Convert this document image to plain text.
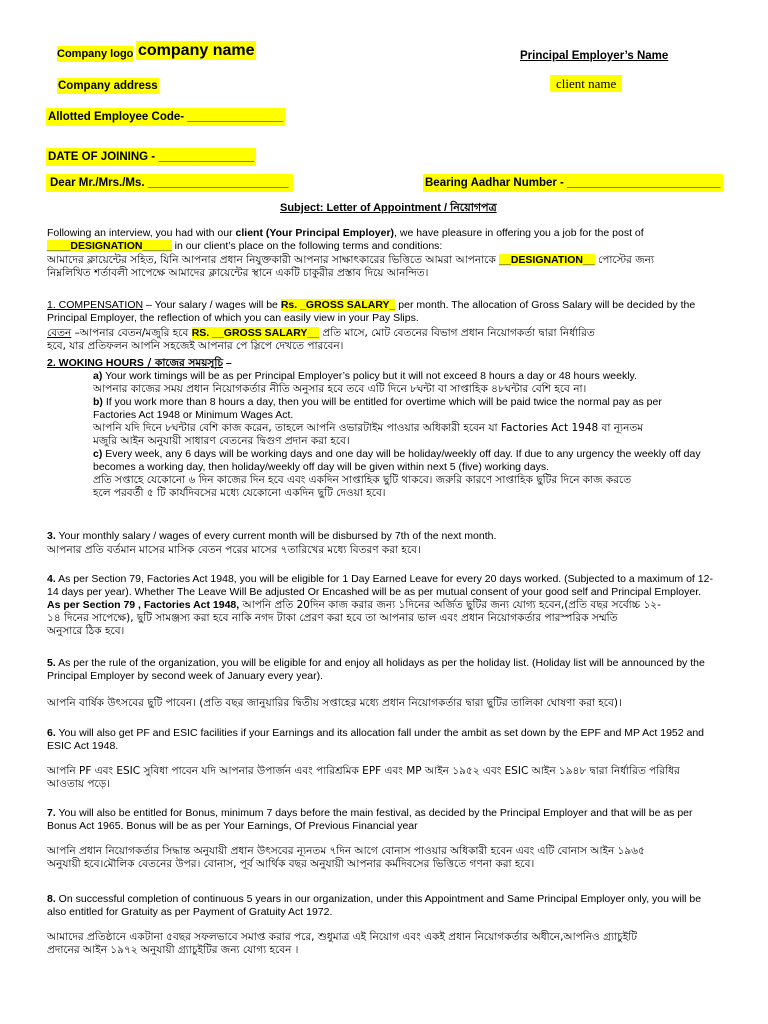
Company logo company name
Company address
Principal Employer’s Name
client name
Allotted Employee Code- _______________
DATE OF JOINING - _______________
Dear Mr./Mrs./Ms. ______________________	Bearing Aadhar Number - ________________________
Subject: Letter of Appointment / নিয়োগপত্র

Following an interview, you had with our client (Your Principal Employer), we have pleasure in offering you a job for the post of

____DESIGNATION_____ in our client’s place on the following terms and conditions:

আমাদের ক্লায়েন্টের সহিত, যিনি আপনার প্রধান নিযুক্তকারী আপনার সাক্ষাৎকারের ভিত্তিতে আমরা আপনাকে __DESIGNATION__ পোস্টের জন্য

নিম্নলিখিত শর্তাবলী সাপেক্ষে আমাদের ক্লায়েন্টের স্থানে একটি চাকুরীর প্রস্তাব দিয়ে আনন্দিত।

1. COMPENSATION – Your salary / wages will be Rs. _GROSS SALARY_ per month. The allocation of Gross Salary will be decided by the

Principal Employer, the reflection of which you can easily view in your Pay Slips.

বেতন –আপনার বেতন/মজুরি হবে RS. __GROSS SALARY__ প্রতি মাসে, মোট বেতনের বিভাগ প্রধান নিয়োগকর্তা দ্বারা নির্ধারিত

হবে, যার প্রতিফলন আপনি সহজেই আপনার পে স্লিপে দেখতে পারবেন।

2. WOKING HOURS / কাজের সময়সূচি –

a) Your work timings will be as per Principal Employer’s policy but it will not exceed 8 hours a day or 48 hours weekly.

আপনার কাজের সময় প্রধান নিয়োগকর্তার নীতি অনুসার হবে তবে এটি দিনে ৮ঘন্টা বা সাপ্তাহিক ৪৮ঘন্টার বেশি হবে না।

b) If you work more than 8 hours a day, then you will be entitled for overtime which will be paid twice the normal pay as per

Factories Act 1948 or Minimum Wages Act.

আপনি যদি দিনে ৮ঘন্টার বেশি কাজ করেন, তাহলে আপনি ওভারটাইম পাওয়ার অধিকারী হবেন যা Factories Act 1948 বা ন্যূনতম

মজুরি আইন অনুযায়ী সাধারণ বেতনের দ্বিগুণ প্রদান করা হবে।

c) Every week, any 6 days will be working days and one day will be holiday/weekly off day. If due to any urgency the weekly off day

becomes a working day, then holiday/weekly off day will be given within next 5 (five) working days.

প্রতি সপ্তাহে যেকোনো ৬ দিন কাজের দিন হবে এবং একদিন সাপ্তাহিক ছুটি থাকবে। জরুরি কারণে সাপ্তাহিক ছুটির দিনে কাজ করতে

হলে পরবর্তী ৫ টি কার্যদিবসের মধ্যে যেকোনো একদিন ছুটি দেওয়া হবে।

3. Your monthly salary / wages of every current month will be disbursed by 7th of the next month.

আপনার প্রতি বর্তমান মাসের মাসিক বেতন পরের মাসের ৭তারিখের মধ্যে বিতরণ করা হবে।

4. As per Section 79, Factories Act 1948, you will be eligible for 1 Day Earned Leave for every 20 days worked. (Subjected to a maximum of 12-

14 days per year). Whether The Leave Will Be adjusted Or Encashed will be as per mutual consent of your good self and Principal Employer.

As per Section 79 , Factories Act 1948, আপনি প্রতি 20দিন কাজ করার জন্য ১দিনের অর্জিত ছুটির জন্য যোগ্য হবেন,(প্রতি বছর সর্বোচ্চ ১২-

১৪ দিনের সাপেক্ষে), ছুটি সামঞ্জস্য করা হবে নাকি নগদ টাকা প্রেরণ করা হবে তা আপনার ভাল এবং প্রধান নিয়োগকর্তার পারস্পরিক সম্মতি

অনুসারে ঠিক হবে।

5. As per the rule of the organization, you will be eligible for and enjoy all holidays as per the holiday list. (Holiday list will be announced by the

Principal Employer by second week of January every year).

আপনি বার্ষিক উৎসবের ছুটি পাবেন। (প্রতি বছর জানুয়ারির দ্বিতীয় সপ্তাহের মধ্যে প্রধান নিয়োগকর্তার দ্বারা ছুটির তালিকা ঘোষণা করা হবে)।

6. You will also get PF and ESIC facilities if your Earnings and its allocation fall under the ambit as set down by the EPF and MP Act 1952 and

ESIC Act 1948.

আপনি PF এবং ESIC সুবিধা পাবেন যদি আপনার উপার্জন এবং পারিশ্রমিক EPF এবং MP আইন ১৯৫২ এবং ESIC আইন ১৯৪৮ দ্বারা নির্ধারিত পরিধির

আওতায় পড়ে।

7. You will also be entitled for Bonus, minimum 7 days before the main festival, as decided by the Principal Employer and that will be as per

Bonus Act 1965. Bonus will be as per Your Earnings, Of Previous Financial year

আপনি প্রধান নিয়োগকর্তার সিদ্ধান্ত অনুযায়ী প্রধান উৎসবের ন্যূনতম ৭দিন আগে বোনাস পাওয়ার অধিকারী হবেন এবং এটি বোনাস আইন ১৯৬৫

অনুযায়ী হবে।মৌলিক বেতনের উপর। বোনাস, পূর্ব আর্থিক বছর অনুযায়ী আপনার কর্মদিবসের ভিত্তিতে গণনা করা হবে।

8. On successful completion of continuous 5 years in our organization, under this Appointment and Same Principal Employer only, you will be

also entitled for Gratuity as per Payment of Gratuity Act 1972.

আমাদের প্রতিষ্ঠানে একটানা ৫বছর সফলভাবে সমাপ্ত করার পরে, শুধুমাত্র এই নিয়োগ এবং একই প্রধান নিয়োগকর্তার অধীনে,আপনিও গ্র্যাচুইটি

প্রদানের আইন ১৯৭২ অনুযায়ী গ্র্যাচুইটির জন্য যোগ্য হবেন ।
